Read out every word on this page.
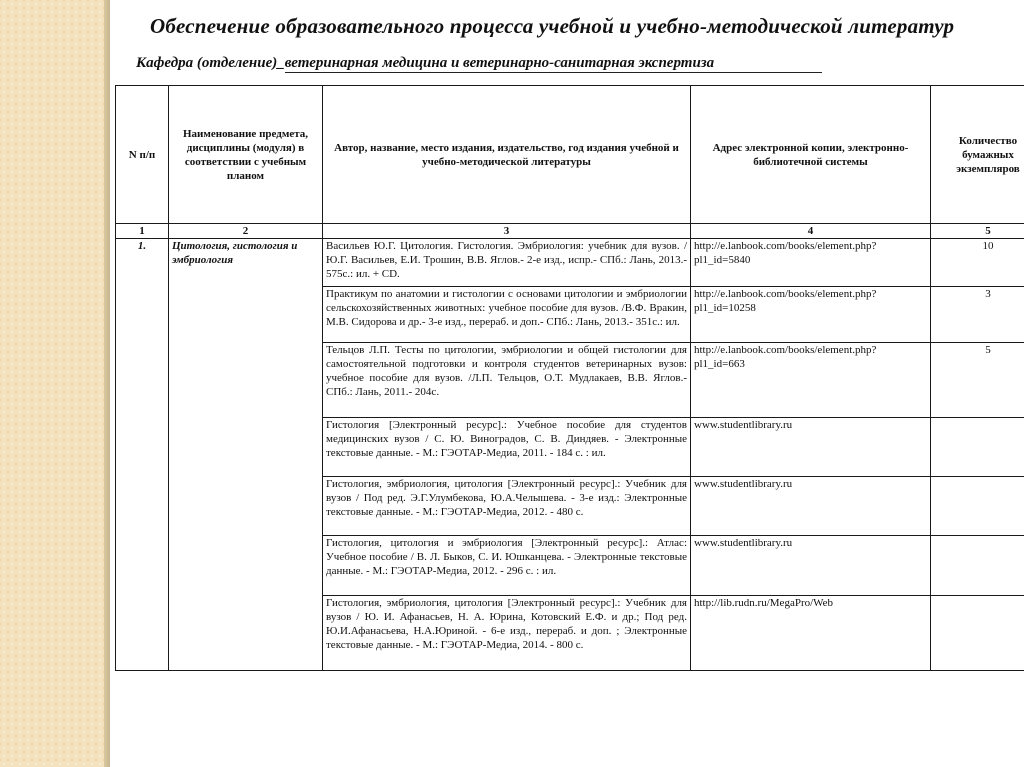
Обеспечение образовательного процесса учебной и учебно-методической литератур
Кафедра (отделение)_ветеринарная медицина и ветеринарно-санитарная экспертиза
N п/п	Наименование предмета, дисциплины (модуля) в соответствии с учебным планом	Автор, название, место издания, издательство, год издания учебной и учебно-методической литературы	Адрес электронной копии, электронно-библиотечной системы	Количество бумажных экземпляров
1	2	3	4	5
1.	Цитология, гистология и эмбриология	Васильев Ю.Г. Цитология. Гистология. Эмбриология: учебник для вузов. /Ю.Г. Васильев, Е.И. Трошин, В.В. Яглов.- 2-е изд., испр.- СПб.: Лань, 2013.- 575с.: ил. + CD.	http://e.lanbook.com/books/element.php?pl1_id=5840	10
		Практикум по анатомии и гистологии с основами цитологии и эмбриологии сельскохозяйственных животных: учебное пособие для вузов. /В.Ф. Вракин, М.В. Сидорова и др.- 3-е изд., перераб. и доп.- СПб.: Лань, 2013.- 351с.: ил.	http://e.lanbook.com/books/element.php?pl1_id=10258	3
		Тельцов Л.П. Тесты по цитологии, эмбриологии и общей гистологии для самостоятельной подготовки и контроля студентов ветеринарных вузов: учебное пособие для вузов. /Л.П. Тельцов, О.Т. Мудлакаев, В.В. Яглов.- СПб.: Лань, 2011.- 204с.	http://e.lanbook.com/books/element.php?pl1_id=663	5
		Гистология [Электронный ресурс].: Учебное пособие для студентов медицинских вузов / С. Ю. Виноградов, С. В. Диндяев. - Электронные текстовые данные. - М.: ГЭОТАР-Медиа, 2011. - 184 с. : ил.	www.studentlibrary.ru	
		Гистология, эмбриология, цитология [Электронный ресурс].: Учебник для вузов / Под ред. Э.Г.Улумбекова, Ю.А.Челышева. - 3-е изд.: Электронные текстовые данные. - М.: ГЭОТАР-Медиа, 2012. - 480 с.	www.studentlibrary.ru	
		Гистология, цитология и эмбриология [Электронный ресурс].: Атлас: Учебное пособие / В. Л. Быков, С. И. Юшканцева. - Электронные текстовые данные. - М.: ГЭОТАР-Медиа, 2012. - 296 с. : ил.	www.studentlibrary.ru	
		Гистология, эмбриология, цитология [Электронный ресурс].: Учебник для вузов / Ю. И. Афанасьев, Н. А. Юрина, Котовский Е.Ф. и др.; Под ред. Ю.И.Афанасьева, Н.А.Юриной. - 6-е изд., перераб. и доп. ; Электронные текстовые данные. - М.: ГЭОТАР-Медиа, 2014. - 800 с.	http://lib.rudn.ru/MegaPro/Web	
